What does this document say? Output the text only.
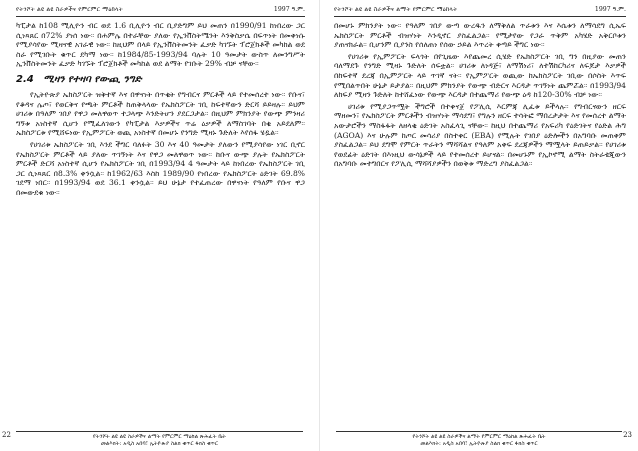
የትንሾት ልዩ ልዩ ስራዎችና የምርምር ማዕከላት	1997 ዓ.ም.

ካፒታል ከ108 ሚሊዮን ብር ወደ 1.6 ቢሊዮን ብር ቢያድግም ይህ መጠን በ1990/91 ከነበረው ጋር ሲነጻጸር በ72% ያነሰ ነው። በሐምሌ በተራቸው ያለው የኢንቨስትሜንት እንቅስቃሴ በፍጥነት በመቀነሱ የሚያሳየው ሚዛናዊ አገራዊ ነው። ከዚህም በላይ የኢንቨስትመንት ፈቃድ ካገኙት ፕሮጀክቶች መካከል ወደ ስራ የሚገቡት ቁጥር ደካማ ነው። ከ1984/85-1993/94 ባሉት 10 ዓመታት ውስጥ ለመንግሥት ኢንቨስትመንት ፈቃድ ካገኙት ፕሮጀክቶች መካከል ወደ ልማት የገቡት 29% ብቻ ናቸው።

2.4 ሚዛን የተዛባ የውጪ ንግድ

የኢትዮጵያ ኤክስፖርት ዝቅተኛ እና በዋናነት በጥቂት የግብርና ምርቶች ላይ የተመሰረተ ነው። የቡና፣ የቆዳና ሌጦ፣ የወርቅና የጫት ምርቶች ከጠቅላላው የኤክስፖርት ገቢ ከፍተኛውን ድርሻ ይይዛሉ። ይህም ሀገሪቱ በዓለም ገበያ የዋጋ መለዋወጥ ተጋላጭ እንድትሆን ያደርጋታል። በዚህም ምክንያት የውጭ ምንዛሪ ግኝቱ አነስተኛ ሲሆን የሚፈለገውን የካፒታል እቃዎችና ጥሬ ዕቃዎች ለማስገባት በቂ አይደለም። ኤክስፖርቱ የሚሸፍነው የኢምፖርት ወጪ አነስተኛ በመሆኑ የንግድ ሚዛኑ ጉድለት እየሰፋ ሄዷል።

የሀገሪቱ ኤክስፖርት ገቢ እንደ ችግር ባለፉት 30 እና 40 ዓመታት ያለውን የሚያሳየው ነገር ቢኖር የኤክስፖርት ምርቶች ላይ ያለው ጥገኝነት እና የዋጋ መለዋወጥ ነው። ከቡና ውጭ ያሉት የኤክስፖርት ምርቶች ድርሻ አነስተኛ ሲሆን የኤክስፖርት ገቢ በ1993/94 4 ዓመታት ላይ ከነበረው የኤክስፖርት ገቢ ጋር ሲነጻጸር በ8.3% ቀንሷል። ከ1962/63 እስከ 1989/90 የነበረው የኤክስፖርት ዕድገት 69.8% ገደማ ነበር። በ1993/94 ወደ 36.1 ቀንሷል። ይህ ሁኔታ የተፈጠረው በዋናነት የዓለም የቡና ዋጋ በመውደቁ ነው።

22	የትንሾት ልዩ ልዩ ስራዎችና ልማት የምርምር ማዕከል ጽሕፈት ቤት
መልእክት: አዲስ አበባ፣ ኢትዮጵያ ስልክ ቁጥር ፋክስ ቁጥር
የትንሾት ልዩ ልዩ ስራዎችና ልማት የምርምር ማዕከላት	1997 ዓ.ም.

በመሆኑ ምክንያት ነው። የዓለም ገበያ ውጣ ውረዱን ለማቅለል ጥራቱን እና እሴቱን ለማሳደግ ሲኤፍ ኤክስፖርት ምርቶች ብዝሃነት እንዲኖር ያስፈልጋል። የሚታየው የጋራ ጥቅም አካሄድ አቅርቦቱን ያጠናክራል። ቢሆንም ቢያንስ የሰለጠነ የሰው ኃይል እጥረት ቀጣይ ችግር ነው።

የሀገሪቱ የኢምፖርት ፍላጎት በየጊዜው እየጨመረ ሲሄድ የኤክስፖርት ገቢ ግን በዚያው መጠን ባለማደጉ የንግድ ሚዛኑ ጉድለት ሰፍቷል። ሀገሪቱ ለነዳጅ፣ ለማሽነሪ፣ ለተሽከርካሪና ለፍጆታ እቃዎች በከፍተኛ ደረጃ በኢምፖርት ላይ ጥገኛ ናት። የኢምፖርት ወጪው ከኤክስፖርት ገቢው በሶስት እጥፍ የሚበልጥበት ሁኔታ ይታያል። በዚህም ምክንያት የውጭ ብድርና እርዳታ ጥገኝነት ጨምሯል። በ1993/94 ለክፍያ ሚዛን ጉድለት ከተሸፈነው የውጭ እርዳታ በተጨማሪ የውጭ ዕዳ ከ120-30% ብቻ ነው።

ሀገሪቱ የሚያጋጥሟት ችግሮች በተቀናጀ የፖሊሲ እርምጃ ሊፈቱ ይችላሉ። የግብርናውን ዘርፍ ማዘመን፣ የኤክስፖርት ምርቶችን ብዝሃነት ማሳደግ፣ የግሉን ዘርፍ ተሳትፎ ማበረታታት እና የመሰረተ ልማት አውታሮችን ማስፋፋት ለዘላቂ ዕድገት አስፈላጊ ናቸው። ከዚህ በተጨማሪ የአፍሪካ የዕድገትና የዕድል ሕግ (AGOA) እና ሁሉም ከጦር መሳሪያ በስተቀር (EBA) የሚሉት የገበያ ዕድሎችን በአግባቡ መጠቀም ያስፈልጋል። ይህ ደግሞ የምርት ጥራትን ማሻሻልና የዓለም አቀፍ ደረጃዎችን ማሟላት ይጠይቃል። የሀገሪቱ የወደፊት ዕድገት በእነዚህ ውሳኔዎች ላይ የተመሰረተ ይሆናል። በመሆኑም የኢኮኖሚ ልማት ስትራቴጂውን በአግባቡ መተግበርና የፖሊሲ ማሻሻያዎችን በወቅቱ ማድረግ ያስፈልጋል።

23
የትንሾት ልዩ ልዩ ስራዎችና ልማት የምርምር ማዕከል ጽሕፈት ቤት
መልእክት: አዲስ አበባ፣ ኢትዮጵያ ስልክ ቁጥር ፋክስ ቁጥር
